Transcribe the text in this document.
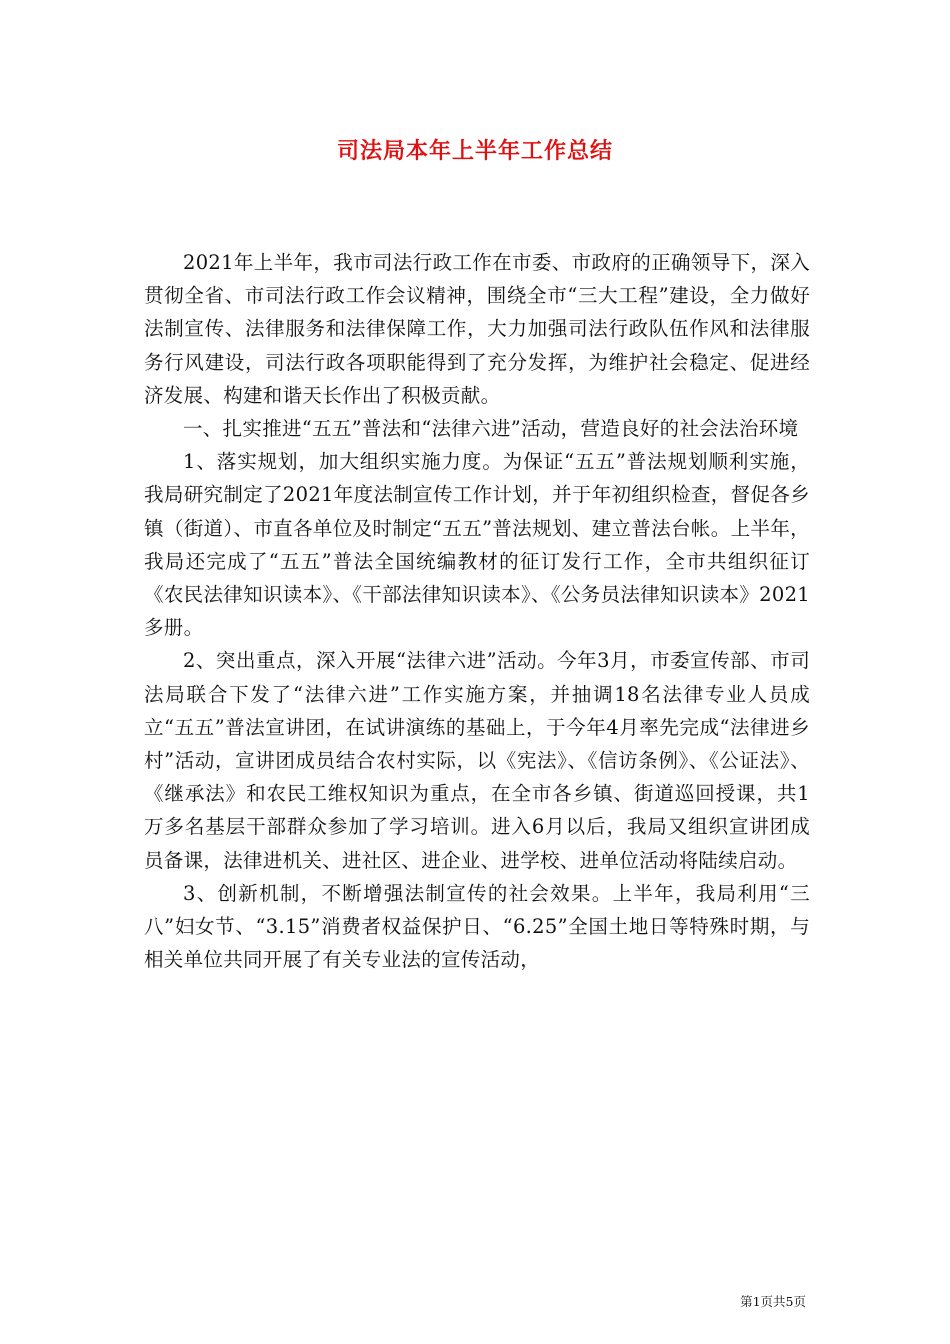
司法局本年上半年工作总结

2021年上半年，我市司法行政工作在市委、市政府的正确领导下，深入贯彻全省、市司法行政工作会议精神，围绕全市“三大工程”建设，全力做好法制宣传、法律服务和法律保障工作，大力加强司法行政队伍作风和法律服务行风建设，司法行政各项职能得到了充分发挥，为维护社会稳定、促进经济发展、构建和谐天长作出了积极贡献。

一、扎实推进“五五”普法和“法律六进”活动，营造良好的社会法治环境

1、落实规划，加大组织实施力度。为保证“五五”普法规划顺利实施，我局研究制定了2021年度法制宣传工作计划，并于年初组织检查，督促各乡镇（街道）、市直各单位及时制定“五五”普法规划、建立普法台帐。上半年，我局还完成了“五五”普法全国统编教材的征订发行工作，全市共组织征订《农民法律知识读本》、《干部法律知识读本》、《公务员法律知识读本》2021多册。

2、突出重点，深入开展“法律六进”活动。今年3月，市委宣传部、市司法局联合下发了“法律六进”工作实施方案，并抽调18名法律专业人员成立“五五”普法宣讲团，在试讲演练的基础上，于今年4月率先完成“法律进乡村”活动，宣讲团成员结合农村实际，以《宪法》、《信访条例》、《公证法》、《继承法》和农民工维权知识为重点，在全市各乡镇、街道巡回授课，共1万多名基层干部群众参加了学习培训。进入6月以后，我局又组织宣讲团成员备课，法律进机关、进社区、进企业、进学校、进单位活动将陆续启动。

3、创新机制，不断增强法制宣传的社会效果。上半年，我局利用“三八”妇女节、“3.15”消费者权益保护日、“6.25”全国土地日等特殊时期，与相关单位共同开展了有关专业法的宣传活动，

第1页共5页
